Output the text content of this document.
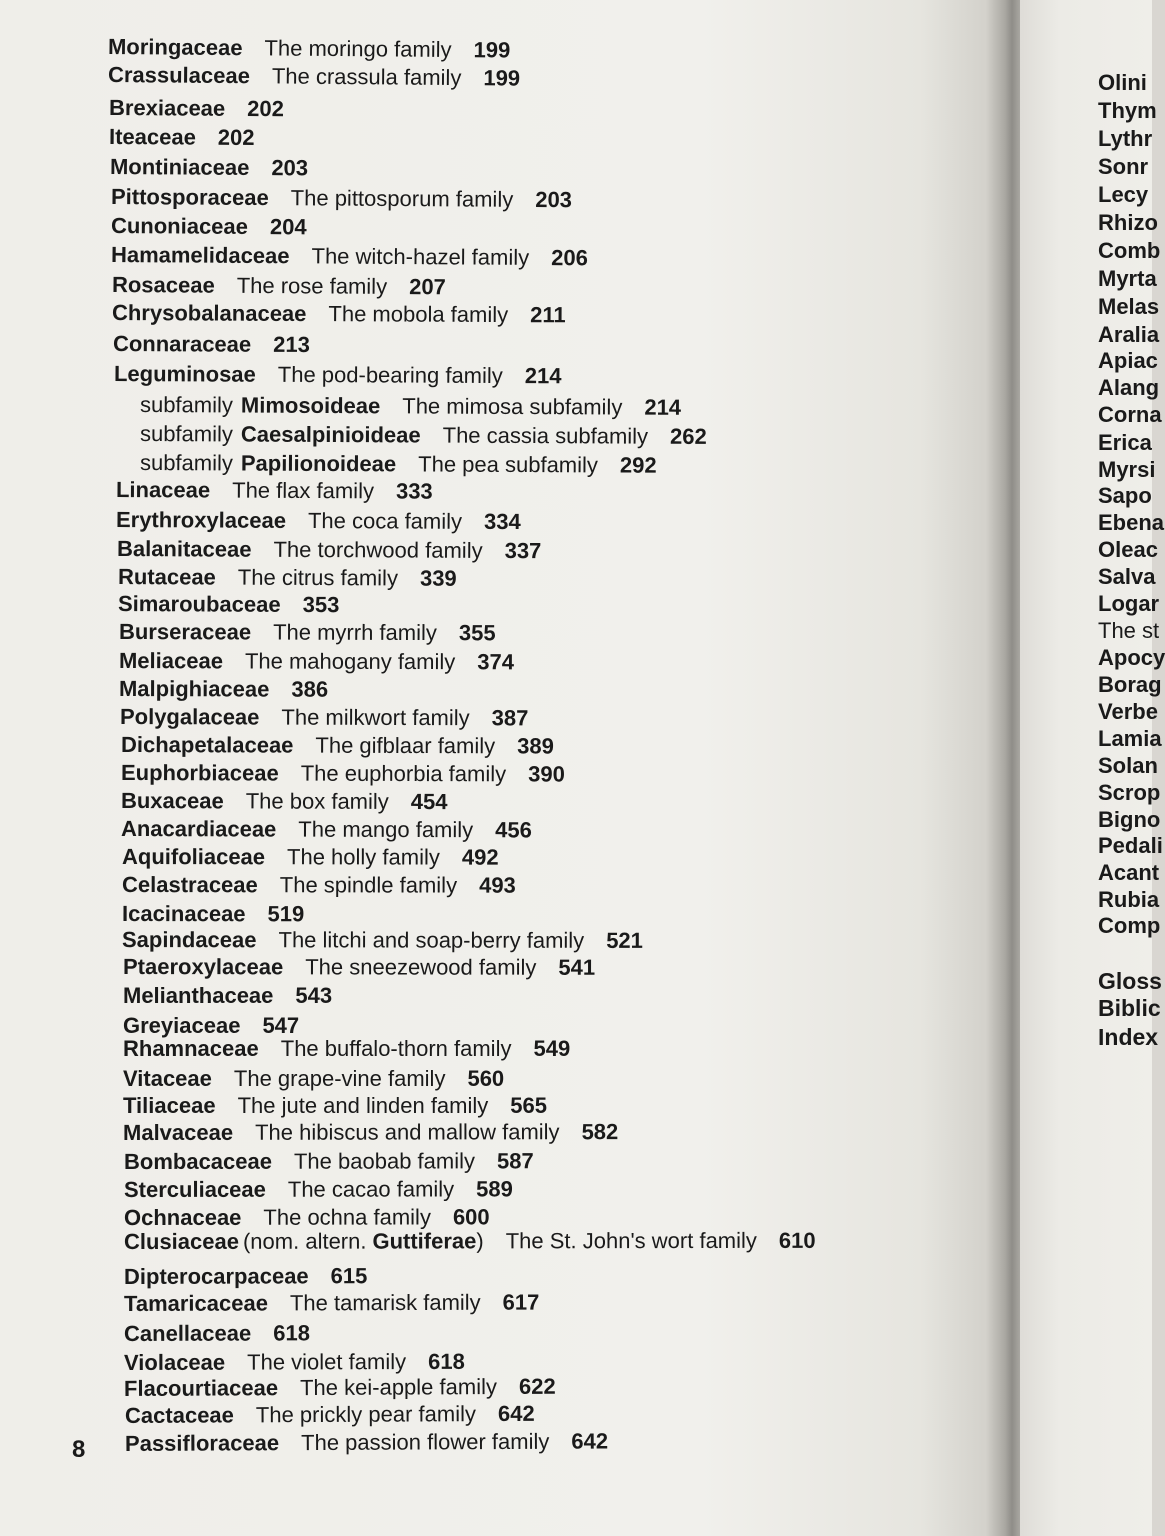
Moringaceae The moringo family 199
Crassulaceae The crassula family 199
Brexiaceae 202
Iteaceae 202
Montiniaceae 203
Pittosporaceae The pittosporum family 203
Cunoniaceae 204
Hamamelidaceae The witch-hazel family 206
Rosaceae The rose family 207
Chrysobalanaceae The mobola family 211
Connaraceae 213
Leguminosae The pod-bearing family 214
subfamily Mimosoideae The mimosa subfamily 214
subfamily Caesalpinioideae The cassia subfamily 262
subfamily Papilionoideae The pea subfamily 292
Linaceae The flax family 333
Erythroxylaceae The coca family 334
Balanitaceae The torchwood family 337
Rutaceae The citrus family 339
Simaroubaceae 353
Burseraceae The myrrh family 355
Meliaceae The mahogany family 374
Malpighiaceae 386
Polygalaceae The milkwort family 387
Dichapetalaceae The gifblaar family 389
Euphorbiaceae The euphorbia family 390
Buxaceae The box family 454
Anacardiaceae The mango family 456
Aquifoliaceae The holly family 492
Celastraceae The spindle family 493
Icacinaceae 519
Sapindaceae The litchi and soap-berry family 521
Ptaeroxylaceae The sneezewood family 541
Melianthaceae 543
Greyiaceae 547
Rhamnaceae The buffalo-thorn family 549
Vitaceae The grape-vine family 560
Tiliaceae The jute and linden family 565
Malvaceae The hibiscus and mallow family 582
Bombacaceae The baobab family 587
Sterculiaceae The cacao family 589
Ochnaceae The ochna family 600
Clusiaceae (nom. altern. Guttiferae) The St. John's wort family 610
Dipterocarpaceae 615
Tamaricaceae The tamarisk family 617
Canellaceae 618
Violaceae The violet family 618
Flacourtiaceae The kei-apple family 622
Cactaceae The prickly pear family 642
Passifloraceae The passion flower family 642
8
Olini
Thym
Lythr
Sonr
Lecy
Rhizo
Comb
Myrta
Melas
Aralia
Apiac
Alang
Corna
Erica
Myrsi
Sapo
Ebena
Oleac
Salva
Logar
The st
Apocy
Borag
Verbe
Lamia
Solan
Scrop
Bigno
Pedali
Acant
Rubia
Comp
Gloss
Biblic
Index
